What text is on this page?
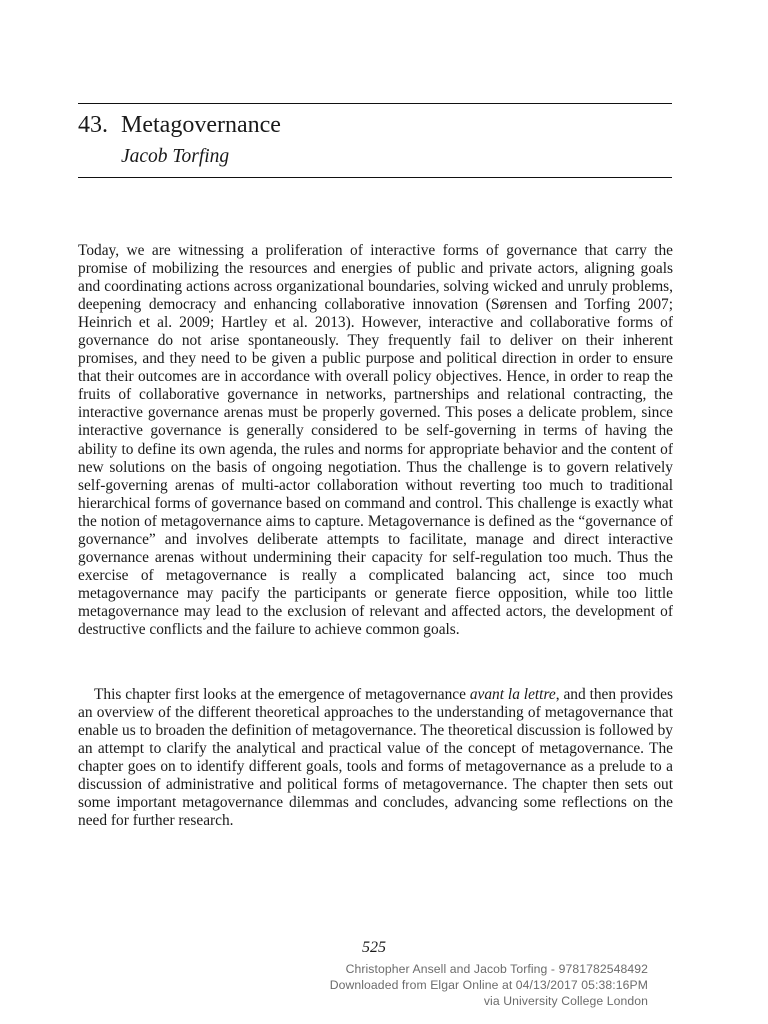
43. Metagovernance
Jacob Torfing

Today, we are witnessing a proliferation of interactive forms of governance that carry the promise of mobilizing the resources and energies of public and private actors, aligning goals and coordinating actions across organizational boundaries, solving wicked and unruly problems, deepening democracy and enhancing collaborative innovation (Sørensen and Torfing 2007; Heinrich et al. 2009; Hartley et al. 2013). However, interactive and collaborative forms of governance do not arise spontaneously. They frequently fail to deliver on their inherent promises, and they need to be given a public purpose and political direction in order to ensure that their outcomes are in accordance with overall policy objectives. Hence, in order to reap the fruits of collaborative governance in networks, partnerships and relational contracting, the interactive governance arenas must be properly governed. This poses a delicate problem, since interactive governance is generally considered to be self-governing in terms of having the ability to define its own agenda, the rules and norms for appropriate behavior and the content of new solutions on the basis of ongoing negotiation. Thus the challenge is to govern relatively self-governing arenas of multi-actor collaboration without reverting too much to traditional hierarchical forms of governance based on command and control. This challenge is exactly what the notion of metagovernance aims to capture. Metagovernance is defined as the “governance of governance” and involves deliberate attempts to facilitate, manage and direct interactive governance arenas without undermining their capacity for self-regulation too much. Thus the exercise of metagovernance is really a complicated balancing act, since too much metagovernance may pacify the participants or generate fierce opposition, while too little metagovernance may lead to the exclusion of relevant and affected actors, the development of destructive conflicts and the failure to achieve common goals.

This chapter first looks at the emergence of metagovernance avant la lettre, and then provides an overview of the different theoretical approaches to the understanding of metagovernance that enable us to broaden the definition of metagovernance. The theoretical discussion is followed by an attempt to clarify the analytical and practical value of the concept of metagovernance. The chapter goes on to identify different goals, tools and forms of metagovernance as a prelude to a discussion of administrative and political forms of metagovernance. The chapter then sets out some important metagovernance dilemmas and concludes, advancing some reflections on the need for further research.

525
Christopher Ansell and Jacob Torfing - 9781782548492
Downloaded from Elgar Online at 04/13/2017 05:38:16PM
via University College London
